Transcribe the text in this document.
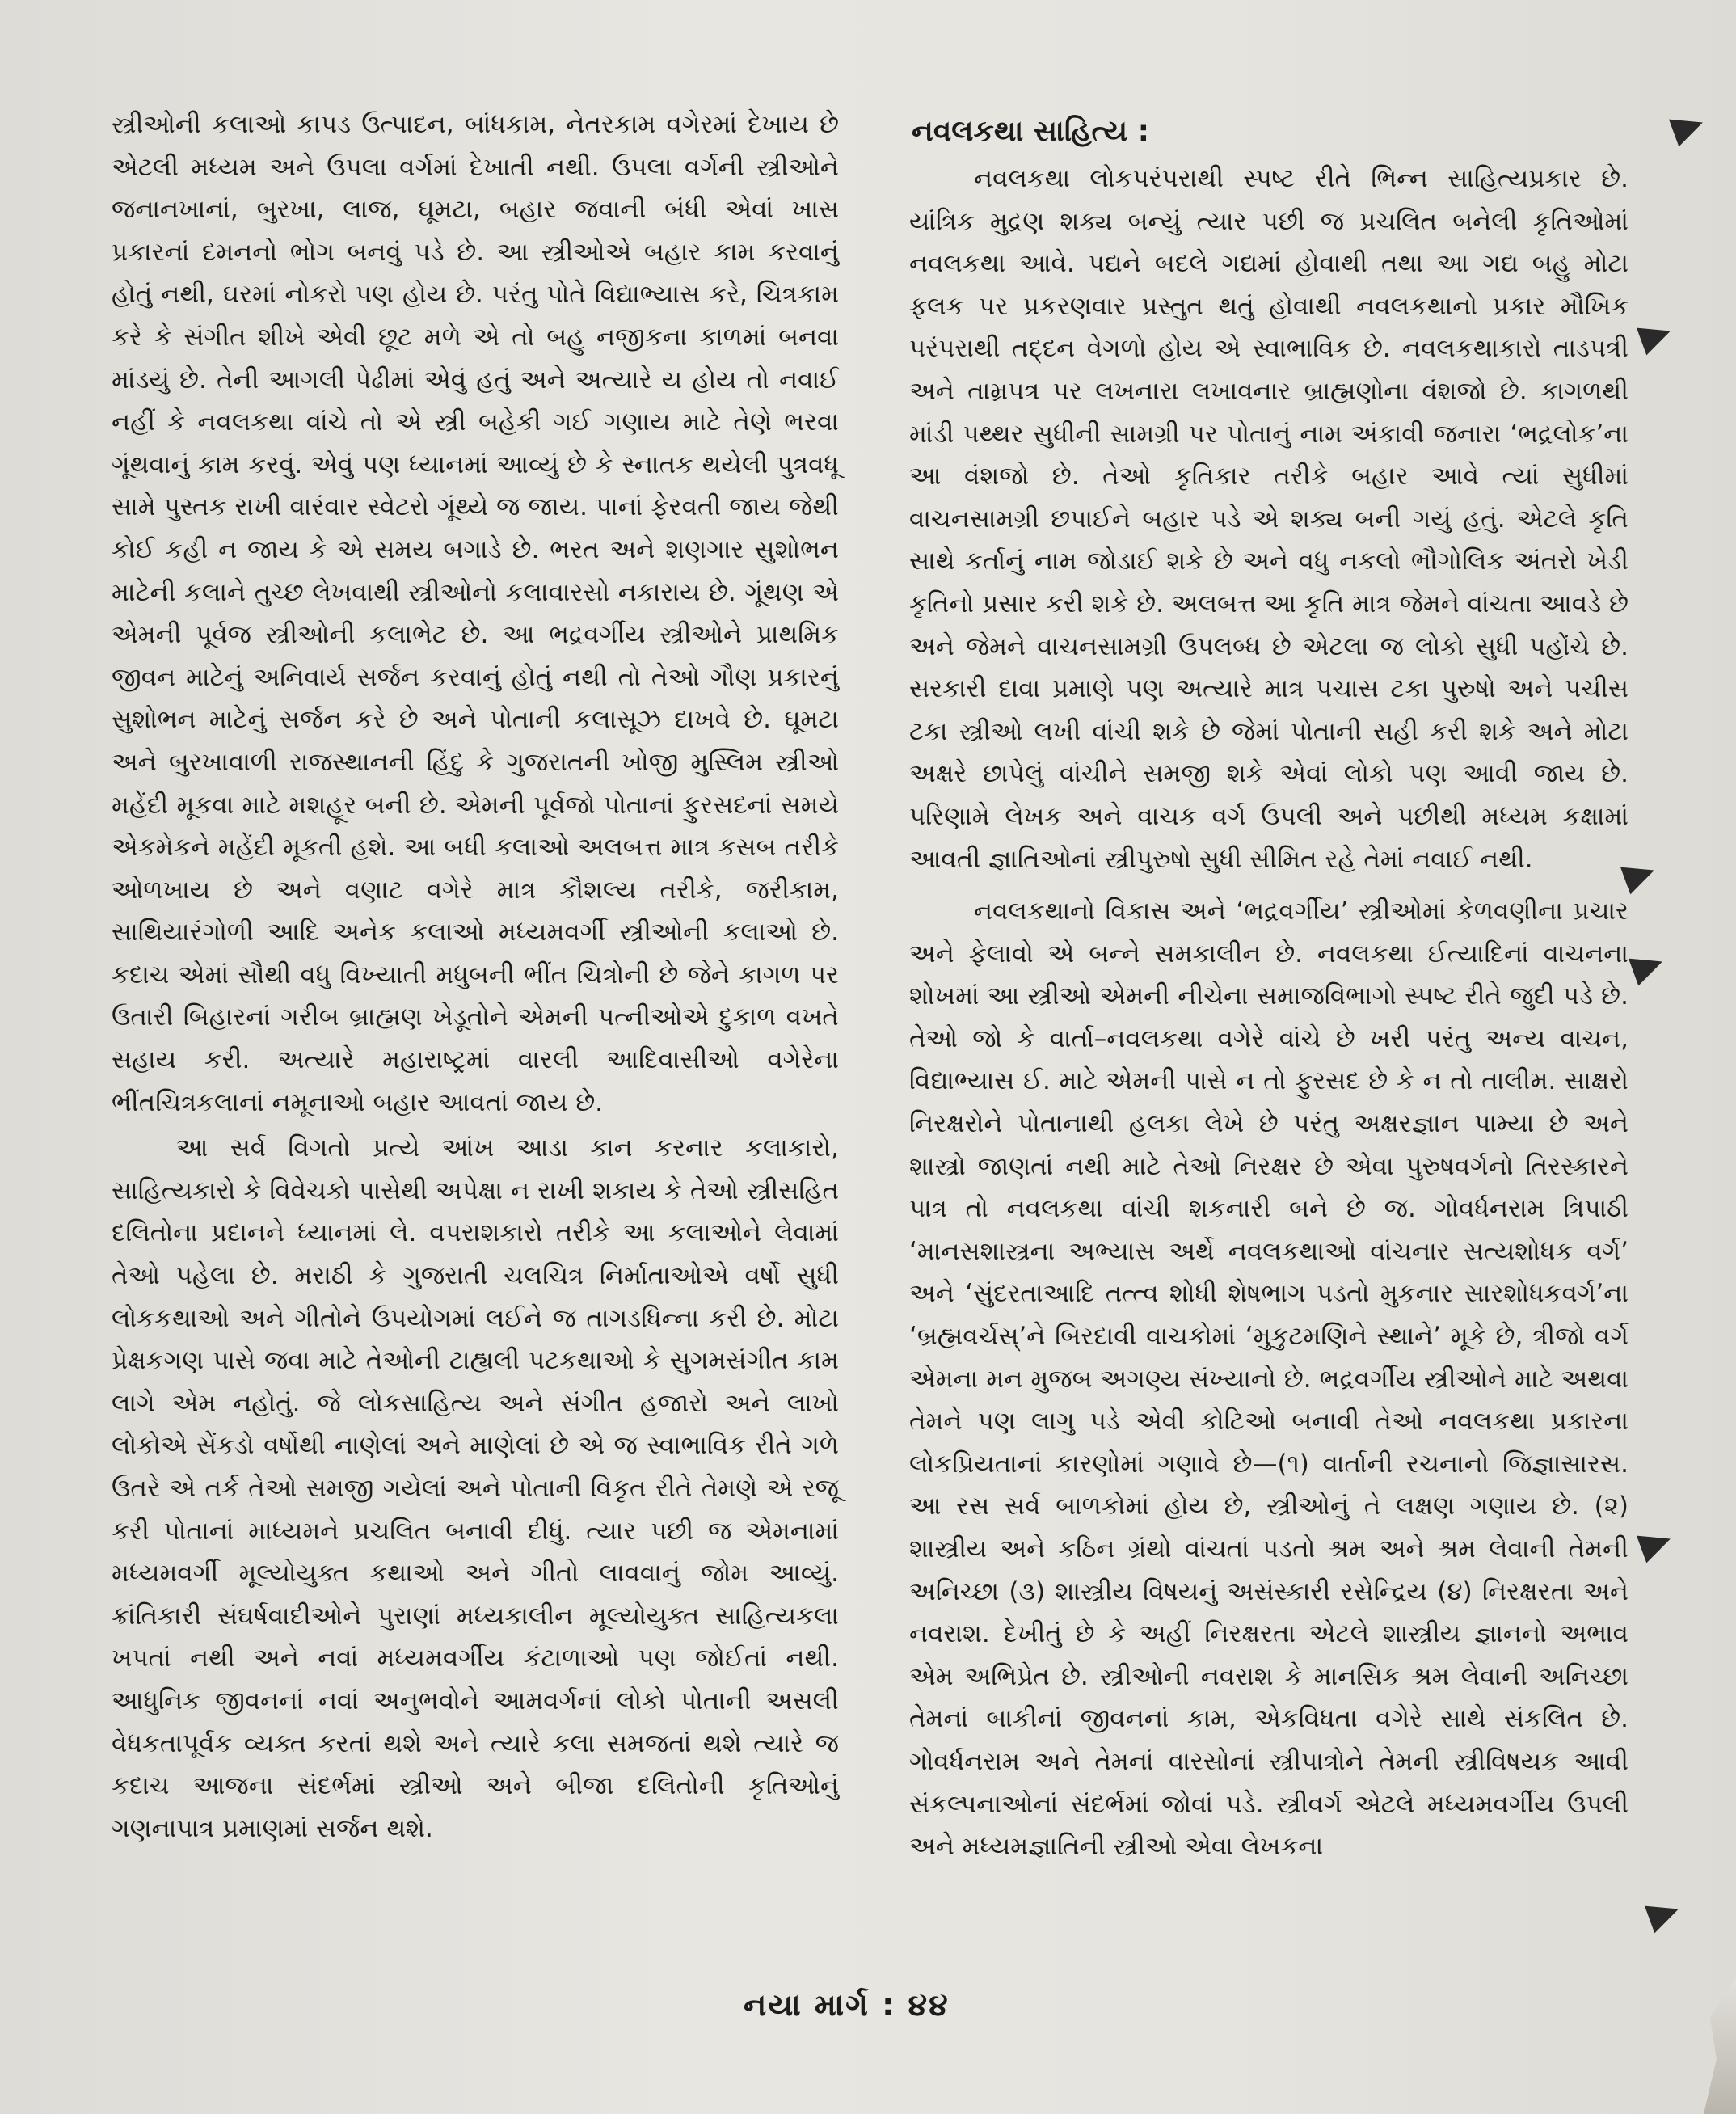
સ્ત્રીઓની કલાઓ કાપડ ઉત્પાદન, બાંધકામ, નેતરકામ વગેરમાં દેખાય છે એટલી મધ્યમ અને ઉપલા વર્ગમાં દેખાતી નથી. ઉપલા વર્ગની સ્ત્રીઓને જનાનખાનાં, બુરખા, લાજ, ઘૂમટા, બહાર જવાની બંધી એવાં ખાસ પ્રકારનાં દમનનો ભોગ બનવું પડે છે. આ સ્ત્રીઓએ બહાર કામ કરવાનું હોતું નથી, ઘરમાં નોકરો પણ હોય છે. પરંતુ પોતે વિદ્યાભ્યાસ કરે, ચિત્રકામ કરે કે સંગીત શીખે એવી છૂટ મળે એ તો બહુ નજીકના કાળમાં બનવા માંડયું છે. તેની આગલી પેઢીમાં એવું હતું અને અત્યારે ય હોય તો નવાઈ નહીં કે નવલકથા વાંચે તો એ સ્ત્રી બહેકી ગઈ ગણાય માટે તેણે ભરવા ગૂંથવાનું કામ કરવું. એવું પણ ધ્યાનમાં આવ્યું છે કે સ્નાતક થયેલી પુત્રવધૂ સામે પુસ્તક રાખી વારંવાર સ્વેટરો ગૂંથ્યે જ જાય. પાનાં ફેરવતી જાય જેથી કોઈ કહી ન જાય કે એ સમય બગાડે છે. ભરત અને શણગાર સુશોભન માટેની કલાને તુચ્છ લેખવાથી સ્ત્રીઓનો કલાવારસો નકારાય છે. ગૂંથણ એ એમની પૂર્વજ સ્ત્રીઓની કલાભેટ છે. આ ભદ્રવર્ગીય સ્ત્રીઓને પ્રાથમિક જીવન માટેનું અનિવાર્ય સર્જન કરવાનું હોતું નથી તો તેઓ ગૌણ પ્રકારનું સુશોભન માટેનું સર્જન કરે છે અને પોતાની કલાસૂઝ દાખવે છે. ઘૂમટા અને બુરખાવાળી રાજસ્થાનની હિંદુ કે ગુજરાતની ખોજી મુસ્લિમ સ્ત્રીઓ મહેંદી મૂકવા માટે મશહૂર બની છે. એમની પૂર્વજો પોતાનાં ફુરસદનાં સમયે એકમેકને મહેંદી મૂકતી હશે. આ બધી કલાઓ અલબત્ત માત્ર કસબ તરીકે ઓળખાય છે અને વણાટ વગેરે માત્ર કૌશલ્ય તરીકે, જરીકામ, સાથિયારંગોળી આદિ અનેક કલાઓ મધ્યમવર્ગી સ્ત્રીઓની કલાઓ છે. કદાચ એમાં સૌથી વધુ વિખ્યાતી મધુબની ભીંત ચિત્રોની છે જેને કાગળ પર ઉતારી બિહારનાં ગરીબ બ્રાહ્મણ ખેડૂતોને એમની પત્નીઓએ દુકાળ વખતે સહાય કરી. અત્યારે મહારાષ્ટ્રમાં વારલી આદિવાસીઓ વગેરેના ભીંતચિત્રકલાનાં નમૂનાઓ બહાર આવતાં જાય છે.

આ સર્વ વિગતો પ્રત્યે આંખ આડા કાન કરનાર કલાકારો, સાહિત્યકારો કે વિવેચકો પાસેથી અપેક્ષા ન રાખી શકાય કે તેઓ સ્ત્રીસહિત દલિતોના પ્રદાનને ધ્યાનમાં લે. વપરાશકારો તરીકે આ કલાઓને લેવામાં તેઓ પહેલા છે. મરાઠી કે ગુજરાતી ચલચિત્ર નિર્માતાઓએ વર્ષો સુધી લોકકથાઓ અને ગીતોને ઉપયોગમાં લઈને જ તાગડધિન્ના કરી છે. મોટા પ્રેક્ષકગણ પાસે જવા માટે તેઓની ટાહ્યલી પટકથાઓ કે સુગમસંગીત કામ લાગે એમ નહોતું. જે લોકસાહિત્ય અને સંગીત હજારો અને લાખો લોકોએ સેંકડો વર્ષોથી નાણેલાં અને માણેલાં છે એ જ સ્વાભાવિક રીતે ગળે ઉતરે એ તર્ક તેઓ સમજી ગયેલાં અને પોતાની વિકૃત રીતે તેમણે એ રજૂ કરી પોતાનાં માધ્યમને પ્રચલિત બનાવી દીધું. ત્યાર પછી જ એમનામાં મધ્યમવર્ગી મૂલ્યોયુક્ત કથાઓ અને ગીતો લાવવાનું જોમ આવ્યું. ક્રાંતિકારી સંઘર્ષવાદીઓને પુરાણાં મધ્યકાલીન મૂલ્યોયુક્ત સાહિત્યકલા ખપતાં નથી અને નવાં મધ્યમવર્ગીય કંટાળાઓ પણ જોઈતાં નથી. આધુનિક જીવનનાં નવાં અનુભવોને આમવર્ગનાં લોકો પોતાની અસલી વેધકતાપૂર્વક વ્યક્ત કરતાં થશે અને ત્યારે કલા સમજતાં થશે ત્યારે જ કદાચ આજના સંદર્ભમાં સ્ત્રીઓ અને બીજા દલિતોની કૃતિઓનું ગણનાપાત્ર પ્રમાણમાં સર્જન થશે.

નવલકથા સાહિત્ય :

નવલકથા લોકપરંપરાથી સ્પષ્ટ રીતે ભિન્ન સાહિત્યપ્રકાર છે. યાંત્રિક મુદ્રણ શક્ય બન્યું ત્યાર પછી જ પ્રચલિત બનેલી કૃતિઓમાં નવલકથા આવે. પદ્યને બદલે ગદ્યમાં હોવાથી તથા આ ગદ્ય બહુ મોટા ફલક પર પ્રકરણવાર પ્રસ્તુત થતું હોવાથી નવલકથાનો પ્રકાર મૌખિક પરંપરાથી તદ્દન વેગળો હોય એ સ્વાભાવિક છે. નવલકથાકારો તાડપત્રી અને તામ્રપત્ર પર લખનારા લખાવનાર બ્રાહ્મણોના વંશજો છે. કાગળથી માંડી પથ્થર સુધીની સામગ્રી પર પોતાનું નામ અંકાવી જનારા ‘ભદ્રલોક’ના આ વંશજો છે. તેઓ કૃતિકાર તરીકે બહાર આવે ત્યાં સુધીમાં વાચનસામગ્રી છપાઈને બહાર પડે એ શક્ય બની ગયું હતું. એટલે કૃતિ સાથે કર્તાનું નામ જોડાઈ શકે છે અને વધુ નકલો ભૌગોલિક અંતરો ખેડી કૃતિનો પ્રસાર કરી શકે છે. અલબત્ત આ કૃતિ માત્ર જેમને વાંચતા આવડે છે અને જેમને વાચનસામગ્રી ઉપલબ્ધ છે એટલા જ લોકો સુધી પહોંચે છે. સરકારી દાવા પ્રમાણે પણ અત્યારે માત્ર પચાસ ટકા પુરુષો અને પચીસ ટકા સ્ત્રીઓ લખી વાંચી શકે છે જેમાં પોતાની સહી કરી શકે અને મોટા અક્ષરે છાપેલું વાંચીને સમજી શકે એવાં લોકો પણ આવી જાય છે. પરિણામે લેખક અને વાચક વર્ગ ઉપલી અને પછીથી મધ્યમ કક્ષામાં આવતી જ્ઞાતિઓનાં સ્ત્રીપુરુષો સુધી સીમિત રહે તેમાં નવાઈ નથી.

નવલકથાનો વિકાસ અને ‘ભદ્રવર્ગીય’ સ્ત્રીઓમાં કેળવણીના પ્રચાર અને ફેલાવો એ બન્ને સમકાલીન છે. નવલકથા ઈત્યાદિનાં વાચનના શોખમાં આ સ્ત્રીઓ એમની નીચેના સમાજવિભાગો સ્પષ્ટ રીતે જુદી પડે છે. તેઓ જો કે વાર્તા–નવલકથા વગેરે વાંચે છે ખરી પરંતુ અન્ય વાચન, વિદ્યાભ્યાસ ઈ. માટે એમની પાસે ન તો ફુરસદ છે કે ન તો તાલીમ. સાક્ષરો નિરક્ષરોને પોતાનાથી હલકા લેખે છે પરંતુ અક્ષરજ્ઞાન પામ્યા છે અને શાસ્ત્રો જાણતાં નથી માટે તેઓ નિરક્ષર છે એવા પુરુષવર્ગનો તિરસ્કારને પાત્ર તો નવલકથા વાંચી શકનારી બને છે જ. ગોવર્ધનરામ ત્રિપાઠી ‘માનસશાસ્ત્રના અભ્યાસ અર્થે નવલકથાઓ વાંચનાર સત્યશોધક વર્ગ’ અને ‘સુંદરતાઆદિ તત્ત્વ શોધી શેષભાગ પડતો મુકનાર સારશોધકવર્ગ’ના ‘બ્રહ્મવર્ચસ્’ને બિરદાવી વાચકોમાં ‘મુકુટમણિને સ્થાને’ મૂકે છે, ત્રીજો વર્ગ એમના મન મુજબ અગણ્ય સંખ્યાનો છે. ભદ્રવર્ગીય સ્ત્રીઓને માટે અથવા તેમને પણ લાગુ પડે એવી કોટિઓ બનાવી તેઓ નવલકથા પ્રકારના લોકપ્રિયતાનાં કારણોમાં ગણાવે છે—(૧) વાર્તાની રચનાનો જિજ્ઞાસારસ. આ રસ સર્વ બાળકોમાં હોય છે, સ્ત્રીઓનું તે લક્ષણ ગણાય છે. (૨) શાસ્ત્રીય અને કઠિન ગ્રંથો વાંચતાં પડતો શ્રમ અને શ્રમ લેવાની તેમની અનિચ્છા (૩) શાસ્ત્રીય વિષયનું અસંસ્કારી રસેન્દ્રિય (૪) નિરક્ષરતા અને નવરાશ. દેખીતું છે કે અહીં નિરક્ષરતા એટલે શાસ્ત્રીય જ્ઞાનનો અભાવ એમ અભિપ્રેત છે. સ્ત્રીઓની નવરાશ કે માનસિક શ્રમ લેવાની અનિચ્છા તેમનાં બાકીનાં જીવનનાં કામ, એકવિધતા વગેરે સાથે સંકલિત છે. ગોવર્ધનરામ અને તેમનાં વારસોનાં સ્ત્રીપાત્રોને તેમની સ્ત્રીવિષયક આવી સંકલ્પનાઓનાં સંદર્ભમાં જોવાં પડે. સ્ત્રીવર્ગ એટલે મધ્યમવર્ગીય ઉપલી અને મધ્યમજ્ઞાતિની સ્ત્રીઓ એવા લેખકના

નયા માર્ગ : ૪૪
